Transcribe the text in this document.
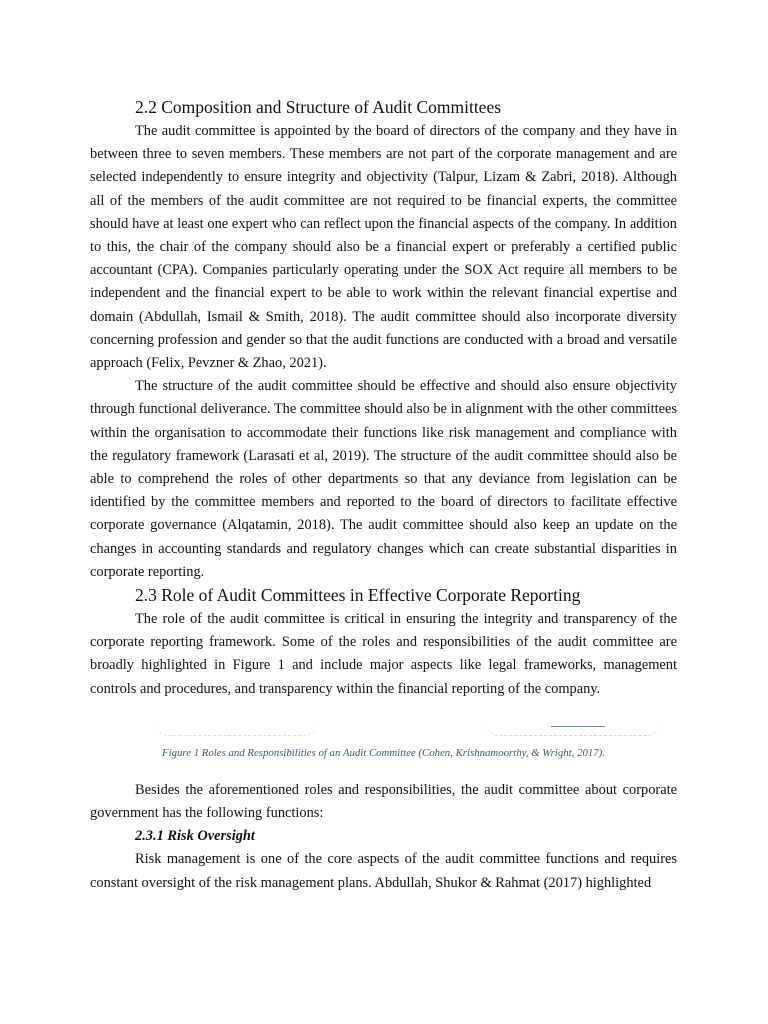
2.2 Composition and Structure of Audit Committees

The audit committee is appointed by the board of directors of the company and they have in between three to seven members. These members are not part of the corporate management and are selected independently to ensure integrity and objectivity (Talpur, Lizam & Zabri, 2018). Although all of the members of the audit committee are not required to be financial experts, the committee should have at least one expert who can reflect upon the financial aspects of the company. In addition to this, the chair of the company should also be a financial expert or preferably a certified public accountant (CPA). Companies particularly operating under the SOX Act require all members to be independent and the financial expert to be able to work within the relevant financial expertise and domain (Abdullah, Ismail & Smith, 2018). The audit committee should also incorporate diversity concerning profession and gender so that the audit functions are conducted with a broad and versatile approach (Felix, Pevzner & Zhao, 2021).

The structure of the audit committee should be effective and should also ensure objectivity through functional deliverance. The committee should also be in alignment with the other committees within the organisation to accommodate their functions like risk management and compliance with the regulatory framework (Larasati et al, 2019). The structure of the audit committee should also be able to comprehend the roles of other departments so that any deviance from legislation can be identified by the committee members and reported to the board of directors to facilitate effective corporate governance (Alqatamin, 2018). The audit committee should also keep an update on the changes in accounting standards and regulatory changes which can create substantial disparities in corporate reporting.

2.3 Role of Audit Committees in Effective Corporate Reporting

The role of the audit committee is critical in ensuring the integrity and transparency of the corporate reporting framework. Some of the roles and responsibilities of the audit committee are broadly highlighted in Figure 1 and include major aspects like legal frameworks, management controls and procedures, and transparency within the financial reporting of the company.

Figure 1 Roles and Responsibilities of an Audit Committee (Cohen, Krishnamoorthy, & Wright, 2017).

Besides the aforementioned roles and responsibilities, the audit committee about corporate government has the following functions:

2.3.1 Risk Oversight

Risk management is one of the core aspects of the audit committee functions and requires constant oversight of the risk management plans. Abdullah, Shukor & Rahmat (2017) highlighted
